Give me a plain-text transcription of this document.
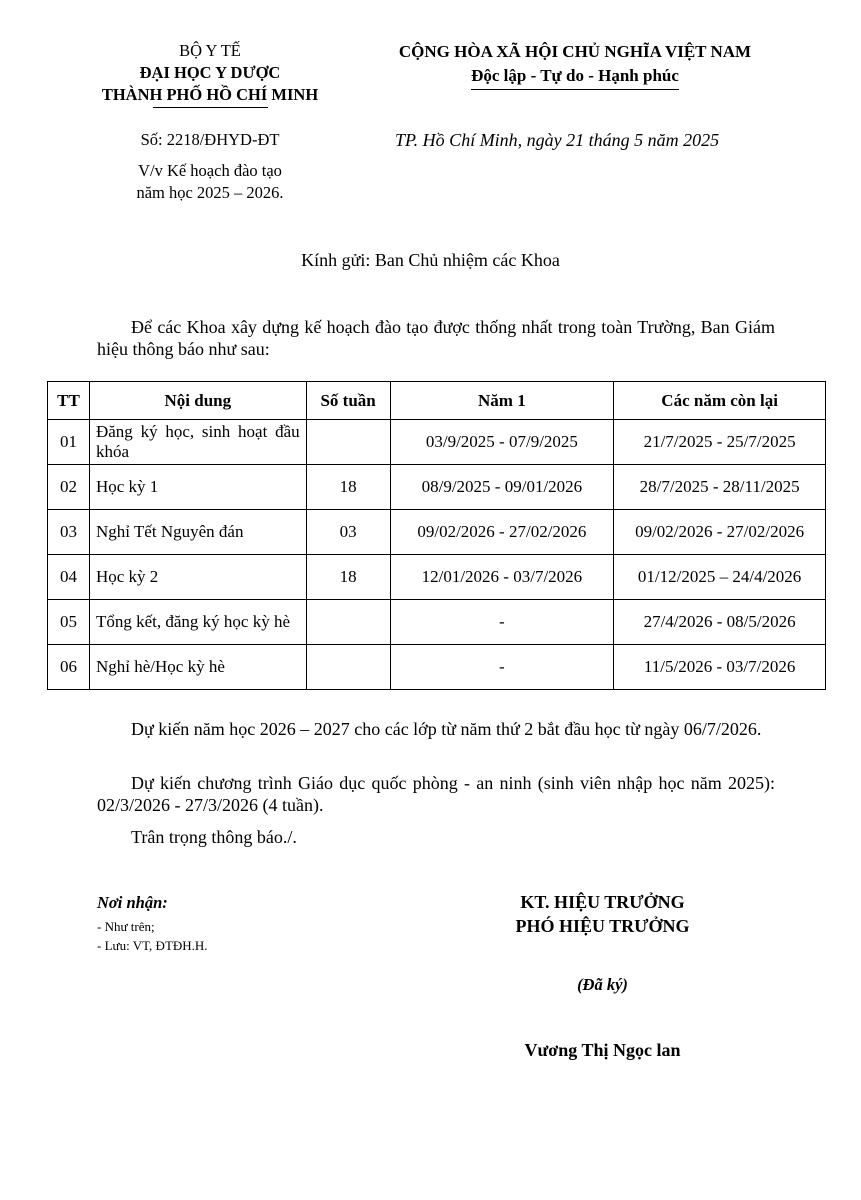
BỘ Y TẾ
ĐẠI HỌC Y DƯỢC
THÀNH PHỐ HỒ CHÍ MINH
CỘNG HÒA XÃ HỘI CHỦ NGHĨA VIỆT NAM
Độc lập - Tự do - Hạnh phúc
Số: 2218/ĐHYD-ĐT
V/v Kế hoạch đào tạo
năm học 2025 – 2026.
TP. Hồ Chí Minh, ngày 21 tháng 5 năm 2025
Kính gửi: Ban Chủ nhiệm các Khoa
Để các Khoa xây dựng kế hoạch đào tạo được thống nhất trong toàn Trường, Ban Giám hiệu thông báo như sau:
TT	Nội dung	Số tuần	Năm 1	Các năm còn lại
01	Đăng ký học, sinh hoạt đầu khóa		03/9/2025 - 07/9/2025	21/7/2025 - 25/7/2025
02	Học kỳ 1	18	08/9/2025 - 09/01/2026	28/7/2025 - 28/11/2025
03	Nghỉ Tết Nguyên đán	03	09/02/2026 - 27/02/2026	09/02/2026 - 27/02/2026
04	Học kỳ 2	18	12/01/2026 - 03/7/2026	01/12/2025 – 24/4/2026
05	Tổng kết, đăng ký học kỳ hè		-	27/4/2026 - 08/5/2026
06	Nghỉ hè/Học kỳ hè		-	11/5/2026 - 03/7/2026
Dự kiến năm học 2026 – 2027 cho các lớp từ năm thứ 2 bắt đầu học từ ngày 06/7/2026.
Dự kiến chương trình Giáo dục quốc phòng - an ninh (sinh viên nhập học năm 2025): 02/3/2026 - 27/3/2026 (4 tuần).
Trân trọng thông báo./.
Nơi nhận:
- Như trên;
- Lưu: VT, ĐTĐH.H.
KT. HIỆU TRƯỞNG
PHÓ HIỆU TRƯỞNG
(Đã ký)
Vương Thị Ngọc lan
